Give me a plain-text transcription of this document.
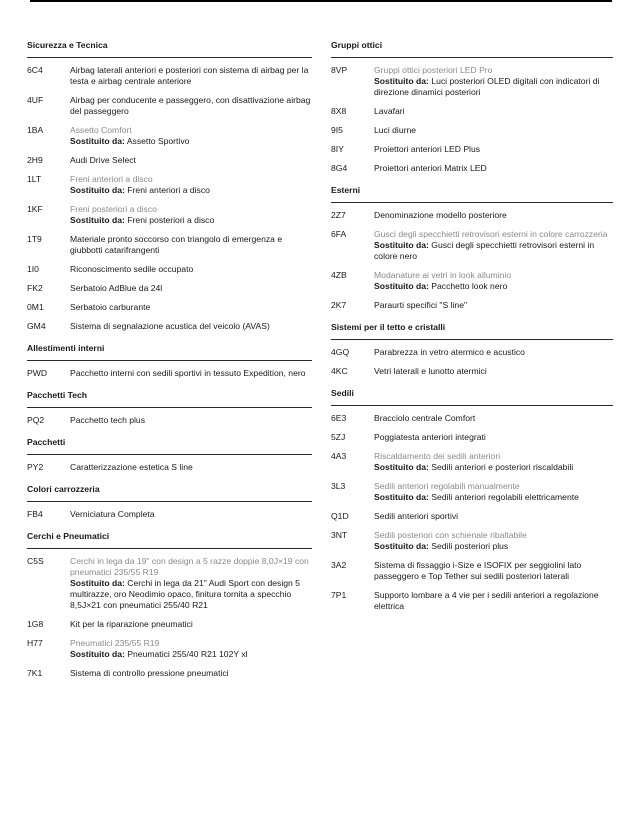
Sicurezza e Tecnica
6C4	Airbag laterali anteriori e posteriori con sistema di airbag per la testa e airbag centrale anteriore
4UF	Airbag per conducente e passeggero, con disattivazione airbag del passeggero
1BA	Assetto Comfort
Sostituito da: Assetto Sportivo
2H9	Audi Drive Select
1LT	Freni anteriori a disco
Sostituito da: Freni anteriori a disco
1KF	Freni posteriori a disco
Sostituito da: Freni posteriori a disco
1T9	Materiale pronto soccorso con triangolo di emergenza e giubbotti catarifrangenti
1I0	Riconoscimento sedile occupato
FK2	Serbatoio AdBlue da 24l
0M1	Serbatoio carburante
GM4	Sistema di segnalazione acustica del veicolo (AVAS)
Allestimenti interni
PWD	Pacchetto interni con sedili sportivi in tessuto Expedition, nero
Pacchetti Tech
PQ2	Pacchetto tech plus
Pacchetti
PY2	Caratterizzazione estetica S line
Colori carrozzeria
FB4	Verniciatura Completa
Cerchi e Pneumatici
C5S	Cerchi in lega da 19" con design a 5 razze doppie 8,0J×19 con pneumatici 235/55 R19
Sostituito da: Cerchi in lega da 21" Audi Sport con design 5 multirazze, oro Neodimio opaco, finitura tornita a specchio 8,5J×21 con pneumatici 255/40 R21
1G8	Kit per la riparazione pneumatici
H77	Pneumatici 235/55 R19
Sostituito da: Pneumatici 255/40 R21 102Y xl
7K1	Sistema di controllo pressione pneumatici
Gruppi ottici
8VP	Gruppi ottici posteriori LED Pro
Sostituito da: Luci posteriori OLED digitali con indicatori di direzione dinamici posteriori
8X8	Lavafari
9I5	Luci diurne
8IY	Proiettori anteriori LED Plus
8G4	Proiettori anteriori Matrix LED
Esterni
2Z7	Denominazione modello posteriore
6FA	Gusci degli specchietti retrovisori esterni in colore carrozzeria
Sostituito da: Gusci degli specchietti retrovisori esterni in colore nero
4ZB	Modanature ai vetri in look alluminio
Sostituito da: Pacchetto look nero
2K7	Paraurti specifici "S line"
Sistemi per il tetto e cristalli
4GQ	Parabrezza in vetro atermico e acustico
4KC	Vetri laterali e lunotto atermici
Sedili
6E3	Bracciolo centrale Comfort
5ZJ	Poggiatesta anteriori integrati
4A3	Riscaldamento dei sedili anteriori
Sostituito da: Sedili anteriori e posteriori riscaldabili
3L3	Sedili anteriori regolabili manualmente
Sostituito da: Sedili anteriori regolabili elettricamente
Q1D	Sedili anteriori sportivi
3NT	Sedili posteriori con schienale ribaltabile
Sostituito da: Sedili posteriori plus
3A2	Sistema di fissaggio i-Size e ISOFIX per seggiolini lato passeggero e Top Tether sui sedili posteriori laterali
7P1	Supporto lombare a 4 vie per i sedili anteriori a regolazione elettrica
